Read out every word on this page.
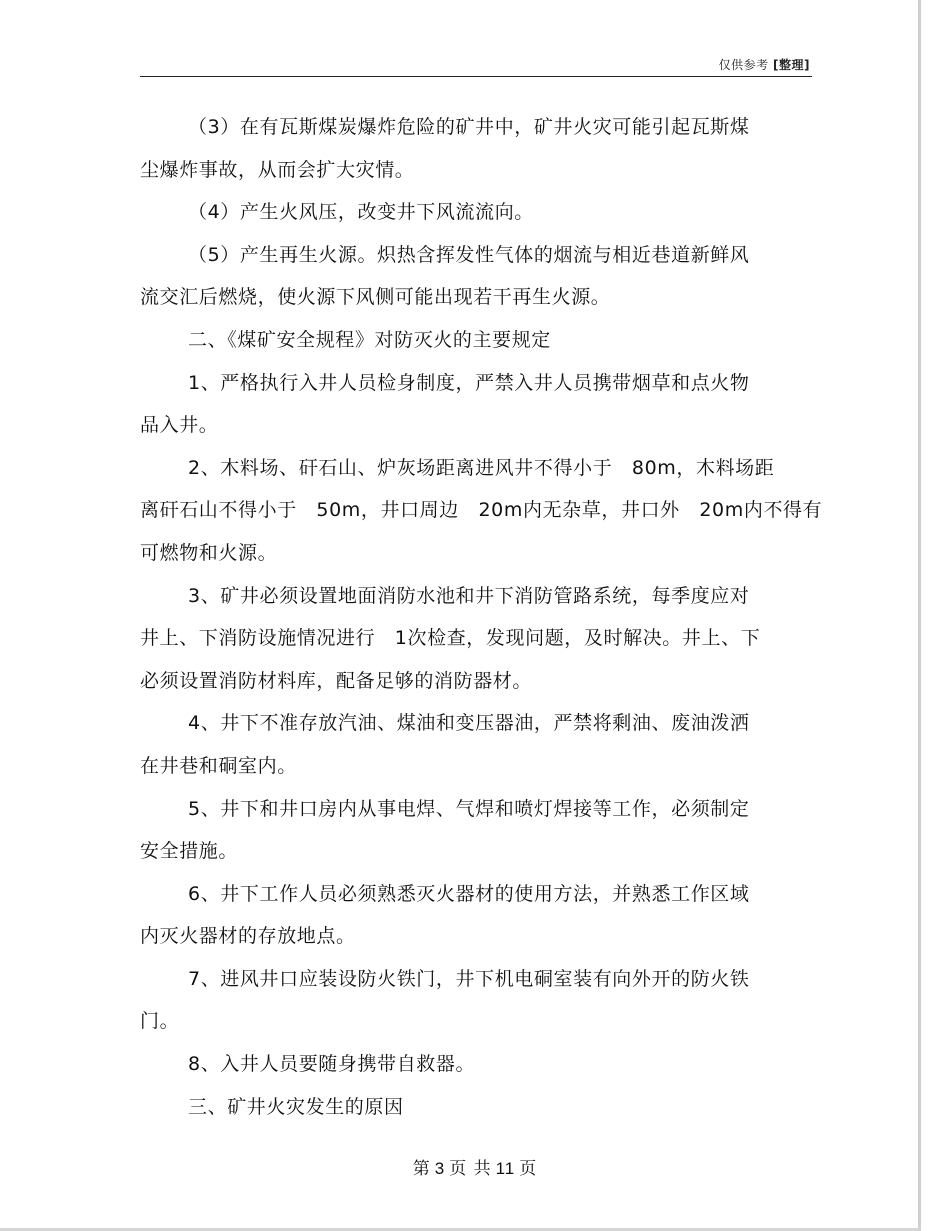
仅供参考 [整理]
（3）在有瓦斯煤炭爆炸危险的矿井中，矿井火灾可能引起瓦斯煤
尘爆炸事故，从而会扩大灾情。
（4）产生火风压，改变井下风流流向。
（5）产生再生火源。炽热含挥发性气体的烟流与相近巷道新鲜风
流交汇后燃烧，使火源下风侧可能出现若干再生火源。
二、《煤矿安全规程》对防灭火的主要规定
1、严格执行入井人员检身制度，严禁入井人员携带烟草和点火物
品入井。
2、木料场、矸石山、炉灰场距离进风井不得小于　80m，木料场距
离矸石山不得小于　50m，井口周边　20m内无杂草，井口外　20m内不得有
可燃物和火源。
3、矿井必须设置地面消防水池和井下消防管路系统，每季度应对
井上、下消防设施情况进行　1次检查，发现问题，及时解决。井上、下
必须设置消防材料库，配备足够的消防器材。
4、井下不准存放汽油、煤油和变压器油，严禁将剩油、废油泼洒
在井巷和硐室内。
5、井下和井口房内从事电焊、气焊和喷灯焊接等工作，必须制定
安全措施。
6、井下工作人员必须熟悉灭火器材的使用方法，并熟悉工作区域
内灭火器材的存放地点。
7、进风井口应装设防火铁门，井下机电硐室装有向外开的防火铁
门。
8、入井人员要随身携带自救器。
三、矿井火灾发生的原因
第 3 页 共 11 页
